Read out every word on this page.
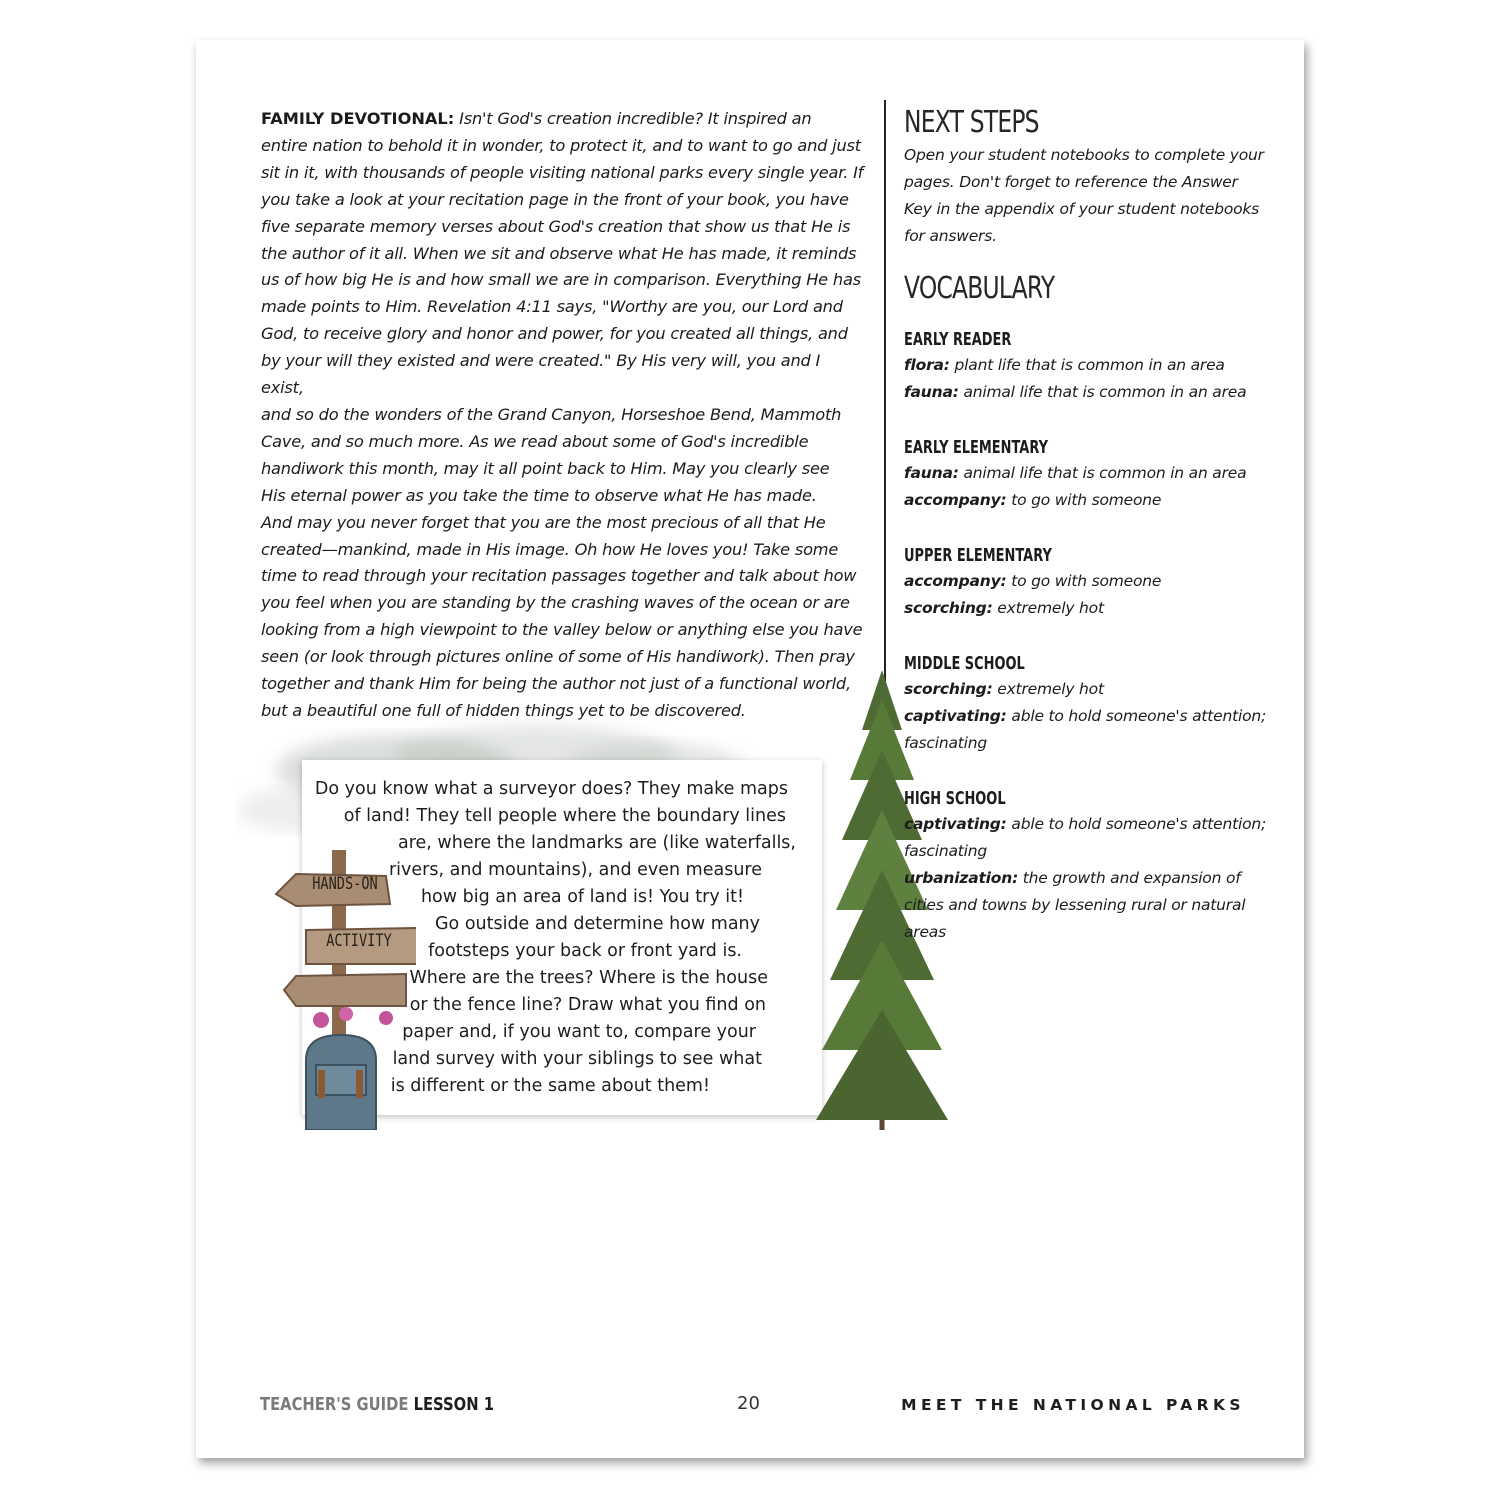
FAMILY DEVOTIONAL: Isn't God's creation incredible? It inspired an
entire nation to behold it in wonder, to protect it, and to want to go and just
sit in it, with thousands of people visiting national parks every single year. If
you take a look at your recitation page in the front of your book, you have
five separate memory verses about God's creation that show us that He is
the author of it all. When we sit and observe what He has made, it reminds
us of how big He is and how small we are in comparison. Everything He has
made points to Him. Revelation 4:11 says, "Worthy are you, our Lord and
God, to receive glory and honor and power, for you created all things, and
by your will they existed and were created." By His very will, you and I exist,
and so do the wonders of the Grand Canyon, Horseshoe Bend, Mammoth
Cave, and so much more. As we read about some of God's incredible
handiwork this month, may it all point back to Him. May you clearly see
His eternal power as you take the time to observe what He has made.
And may you never forget that you are the most precious of all that He
created—mankind, made in His image. Oh how He loves you! Take some
time to read through your recitation passages together and talk about how
you feel when you are standing by the crashing waves of the ocean or are
looking from a high viewpoint to the valley below or anything else you have
seen (or look through pictures online of some of His handiwork). Then pray
together and thank Him for being the author not just of a functional world,
but a beautiful one full of hidden things yet to be discovered.
Do you know what a surveyor does? They make maps
of land! They tell people where the boundary lines
are, where the landmarks are (like waterfalls,
rivers, and mountains), and even measure
how big an area of land is! You try it!
Go outside and determine how many
footsteps your back or front yard is.
Where are the trees? Where is the house
or the fence line? Draw what you find on
paper and, if you want to, compare your
land survey with your siblings to see what
is different or the same about them!
HANDS-ON
ACTIVITY
NEXT STEPS
Open your student notebooks to complete your
pages. Don't forget to reference the Answer
Key in the appendix of your student notebooks
for answers.
VOCABULARY

EARLY READER

flora: plant life that is common in an area
fauna: animal life that is common in an area

EARLY ELEMENTARY

fauna: animal life that is common in an area
accompany: to go with someone

UPPER ELEMENTARY

accompany: to go with someone
scorching: extremely hot

MIDDLE SCHOOL

scorching: extremely hot
captivating: able to hold someone's attention;
fascinating

HIGH SCHOOL

captivating: able to hold someone's attention;
fascinating
urbanization: the growth and expansion of
cities and towns by lessening rural or natural
areas
TEACHER'S GUIDE LESSON 1	20	MEET THE NATIONAL PARKS
